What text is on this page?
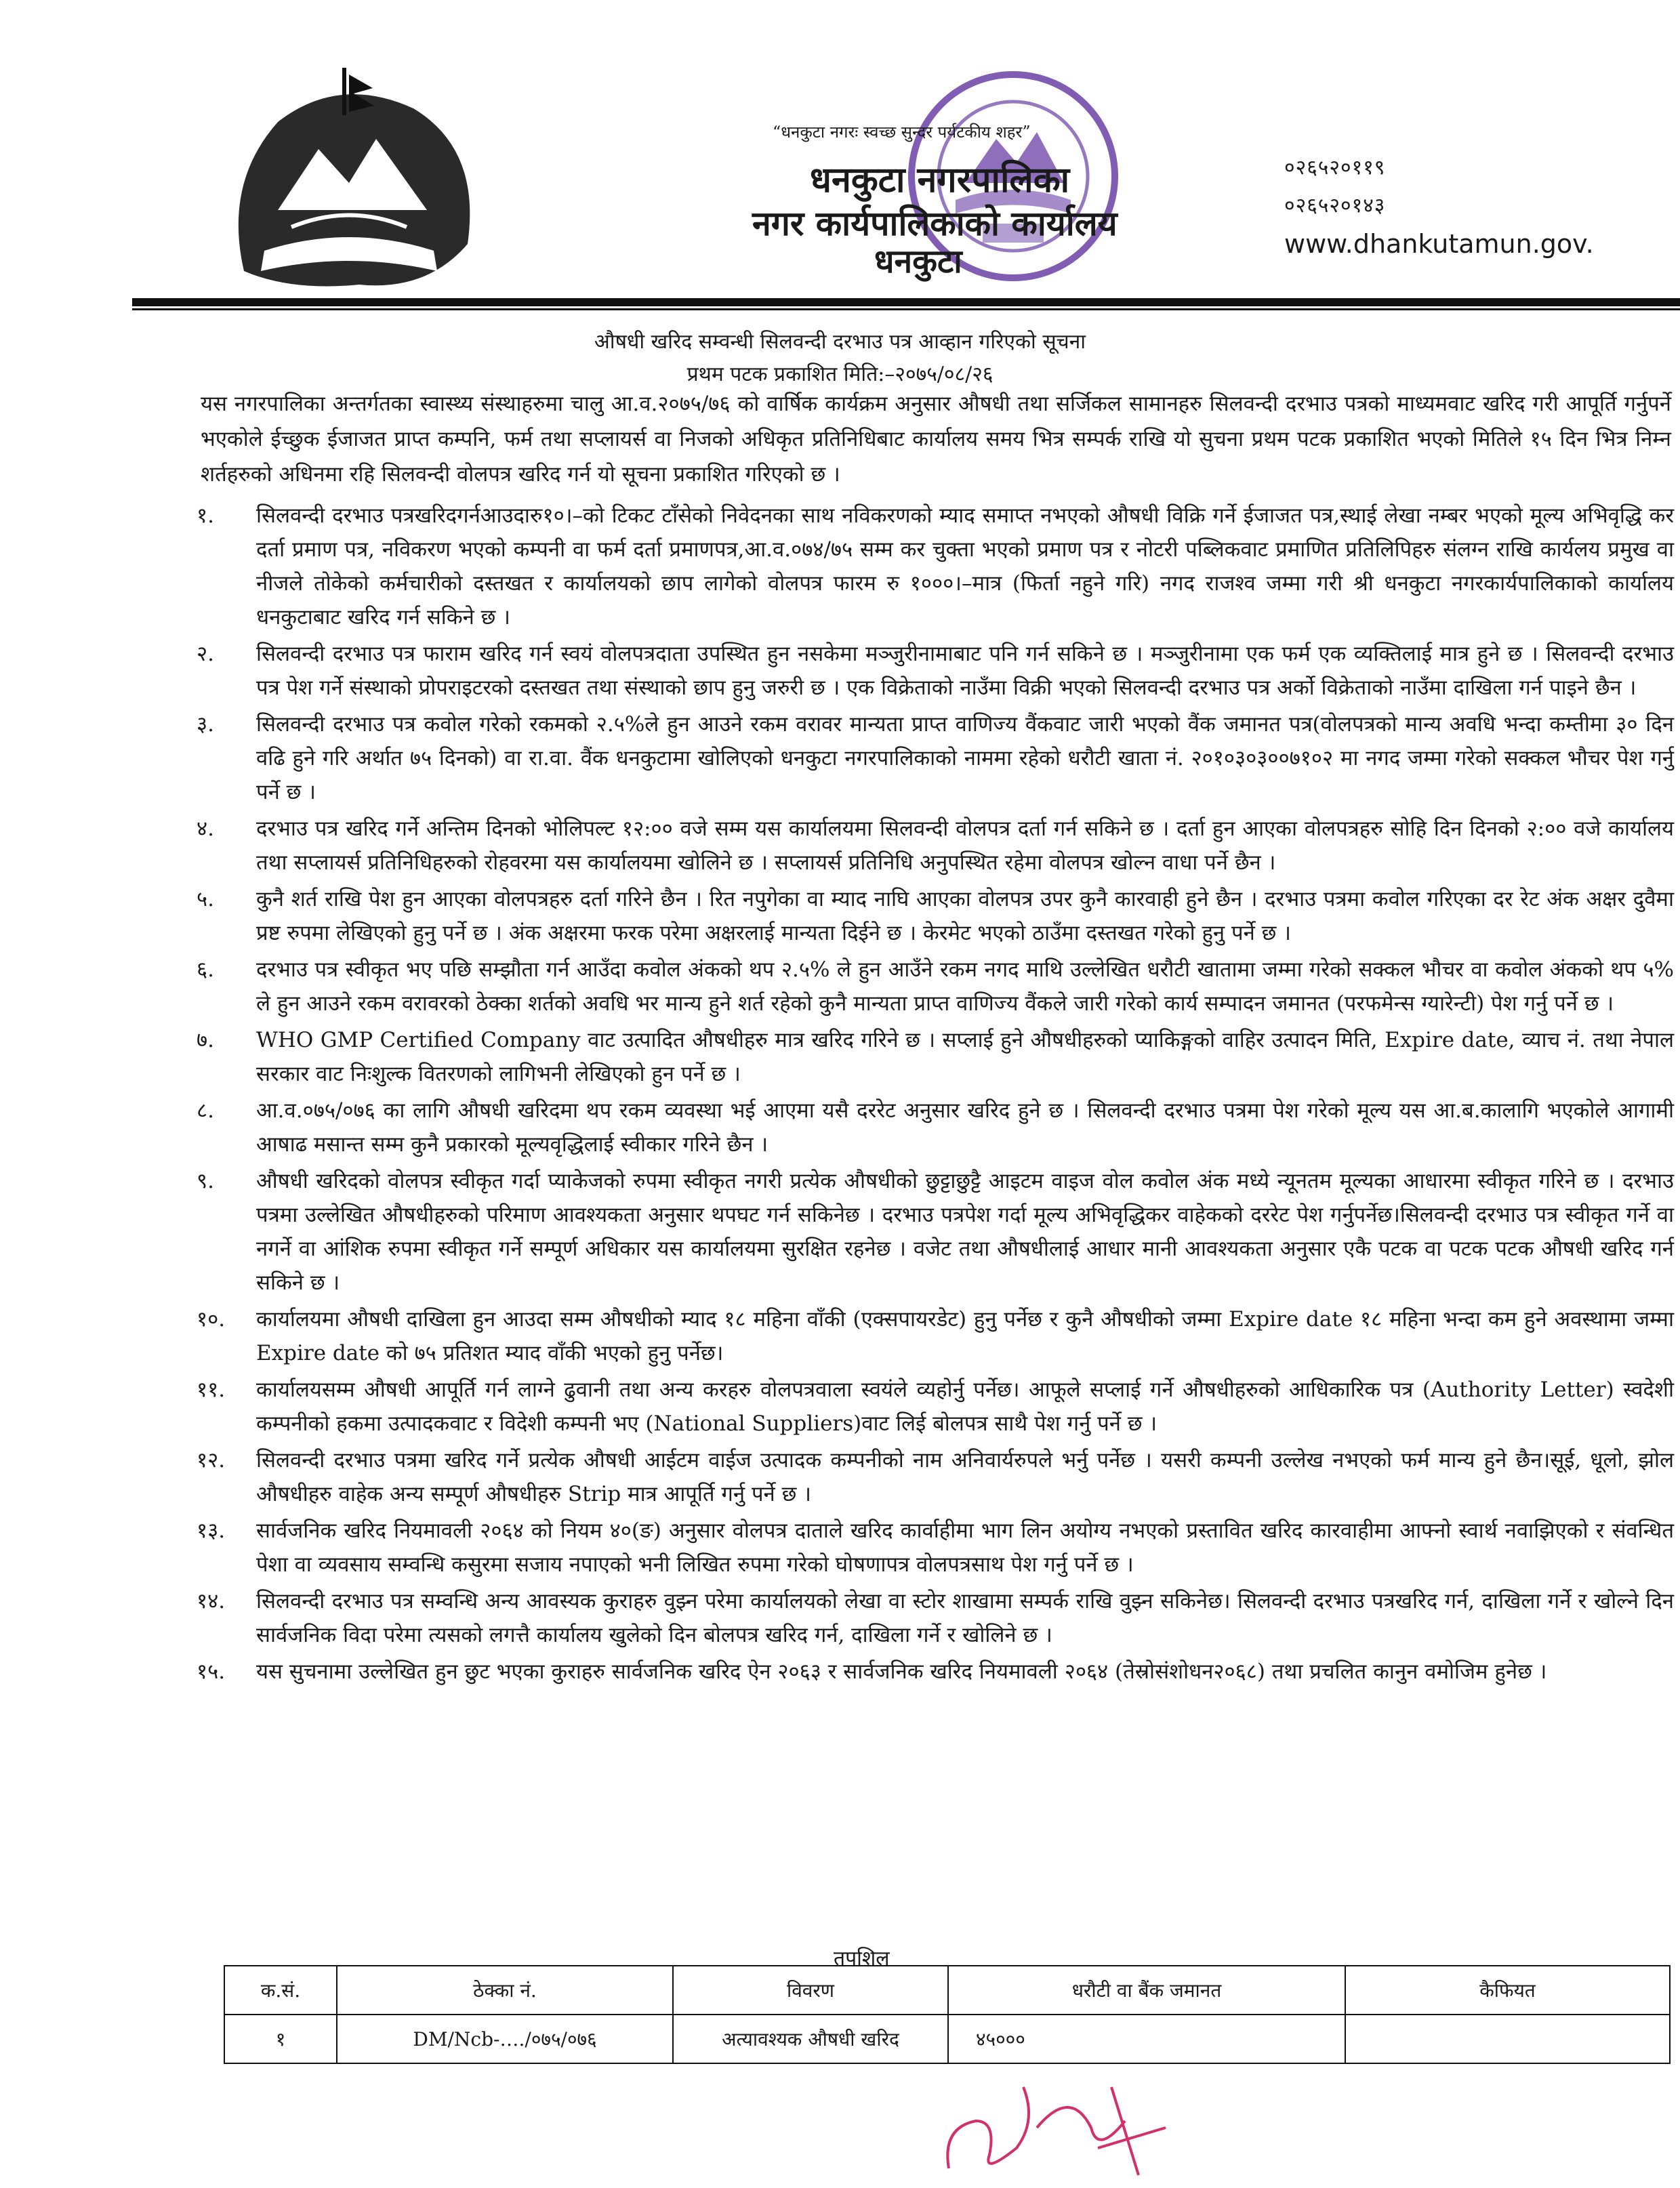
“धनकुटा नगरः स्वच्छ सुन्दर पर्यटकीय शहर”
धनकुटा नगरपालिका
नगर कार्यपालिकाको कार्यालय
धनकुटा
०२६५२०११९
०२६५२०१४३
www.dhankutamun.gov.
औषधी खरिद सम्वन्धी सिलवन्दी दरभाउ पत्र आव्हान गरिएको सूचना
प्रथम पटक प्रकाशित मिति:–२०७५/०८/२६
यस नगरपालिका अन्तर्गतका स्वास्थ्य संस्थाहरुमा चालु आ.व.२०७५/७६ को वार्षिक कार्यक्रम अनुसार औषधी तथा सर्जिकल सामानहरु सिलवन्दी दरभाउ पत्रको माध्यमवाट खरिद गरी आपूर्ति गर्नुपर्ने भएकोले ईच्छुक ईजाजत प्राप्त कम्पनि, फर्म तथा सप्लायर्स वा निजको अधिकृत प्रतिनिधिबाट कार्यालय समय भित्र सम्पर्क राखि यो सुचना प्रथम पटक प्रकाशित भएको मितिले १५ दिन भित्र निम्न शर्तहरुको अधिनमा रहि सिलवन्दी वोलपत्र खरिद गर्न यो सूचना प्रकाशित गरिएको छ ।
१.	सिलवन्दी दरभाउ पत्रखरिदगर्नआउदारु१०।–को टिकट टाँसेको निवेदनका साथ नविकरणको म्याद समाप्त नभएको औषधी विक्रि गर्ने ईजाजत पत्र,स्थाई लेखा नम्बर भएको मूल्य अभिवृद्धि कर दर्ता प्रमाण पत्र, नविकरण भएको कम्पनी वा फर्म दर्ता प्रमाणपत्र,आ.व.०७४/७५ सम्म कर चुक्ता भएको प्रमाण पत्र र नोटरी पब्लिकवाट प्रमाणित प्रतिलिपिहरु संलग्न राखि कार्यलय प्रमुख वा नीजले तोकेको कर्मचारीको दस्तखत र कार्यालयको छाप लागेको वोलपत्र फारम रु १०००।–मात्र (फिर्ता नहुने गरि) नगद राजश्व जम्मा गरी श्री धनकुटा नगरकार्यपालिकाको कार्यालय धनकुटाबाट खरिद गर्न सकिने छ ।
२.	सिलवन्दी दरभाउ पत्र फाराम खरिद गर्न स्वयं वोलपत्रदाता उपस्थित हुन नसकेमा मञ्जुरीनामाबाट पनि गर्न सकिने छ । मञ्जुरीनामा एक फर्म एक व्यक्तिलाई मात्र हुने छ । सिलवन्दी दरभाउ पत्र पेश गर्ने संस्थाको प्रोपराइटरको दस्तखत तथा संस्थाको छाप हुनु जरुरी छ । एक विक्रेताको नाउँमा विक्री भएको सिलवन्दी दरभाउ पत्र अर्को विक्रेताको नाउँमा दाखिला गर्न पाइने छैन ।
३.	सिलवन्दी दरभाउ पत्र कवोल गरेको रकमको २.५%ले हुन आउने रकम वरावर मान्यता प्राप्त वाणिज्य वैंकवाट जारी भएको वैंक जमानत पत्र(वोलपत्रको मान्य अवधि भन्दा कम्तीमा ३० दिन वढि हुने गरि अर्थात ७५ दिनको) वा रा.वा. वैंक धनकुटामा खोलिएको धनकुटा नगरपालिकाको नाममा रहेको धरौटी खाता नं. २०१०३०३००७१०२ मा नगद जम्मा गरेको सक्कल भौचर पेश गर्नु पर्ने छ ।
४.	दरभाउ पत्र खरिद गर्ने अन्तिम दिनको भोलिपल्ट १२:०० वजे सम्म यस कार्यालयमा सिलवन्दी वोलपत्र दर्ता गर्न सकिने छ । दर्ता हुन आएका वोलपत्रहरु सोहि दिन दिनको २:०० वजे कार्यालय तथा सप्लायर्स प्रतिनिधिहरुको रोहवरमा यस कार्यालयमा खोलिने छ । सप्लायर्स प्रतिनिधि अनुपस्थित रहेमा वोलपत्र खोल्न वाधा पर्ने छैन ।
५.	कुनै शर्त राखि पेश हुन आएका वोलपत्रहरु दर्ता गरिने छैन । रित नपुगेका वा म्याद नाघि आएका वोलपत्र उपर कुनै कारवाही हुने छैन । दरभाउ पत्रमा कवोल गरिएका दर रेट अंक अक्षर दुवैमा प्रष्ट रुपमा लेखिएको हुनु पर्ने छ । अंक अक्षरमा फरक परेमा अक्षरलाई मान्यता दिईने छ । केरमेट भएको ठाउँमा दस्तखत गरेको हुनु पर्ने छ ।
६.	दरभाउ पत्र स्वीकृत भए पछि सम्झौता गर्न आउँदा कवोल अंकको थप २.५% ले हुन आउँने रकम नगद माथि उल्लेखित धरौटी खातामा जम्मा गरेको सक्कल भौचर वा कवोल अंकको थप ५% ले हुन आउने रकम वरावरको ठेक्का शर्तको अवधि भर मान्य हुने शर्त रहेको कुनै मान्यता प्राप्त वाणिज्य वैंकले जारी गरेको कार्य सम्पादन जमानत (परफमेन्स ग्यारेन्टी) पेश गर्नु पर्ने छ ।
७.	WHO GMP Certified Company वाट उत्पादित औषधीहरु मात्र खरिद गरिने छ । सप्लाई हुने औषधीहरुको प्याकिङ्गको वाहिर उत्पादन मिति, Expire date, व्याच नं. तथा नेपाल सरकार वाट निःशुल्क वितरणको लागिभनी लेखिएको हुन पर्ने छ ।
८.	आ.व.०७५/०७६ का लागि औषधी खरिदमा थप रकम व्यवस्था भई आएमा यसै दररेट अनुसार खरिद हुने छ । सिलवन्दी दरभाउ पत्रमा पेश गरेको मूल्य यस आ.ब.कालागि भएकोले आगामी आषाढ मसान्त सम्म कुनै प्रकारको मूल्यवृद्धिलाई स्वीकार गरिने छैन ।
९.	औषधी खरिदको वोलपत्र स्वीकृत गर्दा प्याकेजको रुपमा स्वीकृत नगरी प्रत्येक औषधीको छुट्टाछुट्टै आइटम वाइज वोल कवोल अंक मध्ये न्यूनतम मूल्यका आधारमा स्वीकृत गरिने छ । दरभाउ पत्रमा उल्लेखित औषधीहरुको परिमाण आवश्यकता अनुसार थपघट गर्न सकिनेछ । दरभाउ पत्रपेश गर्दा मूल्य अभिवृद्धिकर वाहेकको दररेट पेश गर्नुपर्नेछ।सिलवन्दी दरभाउ पत्र स्वीकृत गर्ने वा नगर्ने वा आंशिक रुपमा स्वीकृत गर्ने सम्पूर्ण अधिकार यस कार्यालयमा सुरक्षित रहनेछ । वजेट तथा औषधीलाई आधार मानी आवश्यकता अनुसार एकै पटक वा पटक पटक औषधी खरिद गर्न सकिने छ ।
१०.	कार्यालयमा औषधी दाखिला हुन आउदा सम्म औषधीको म्याद १८ महिना वाँकी (एक्सपायरडेट) हुनु पर्नेछ र कुनै औषधीको जम्मा Expire date १८ महिना भन्दा कम हुने अवस्थामा जम्मा Expire date को ७५ प्रतिशत म्याद वाँकी भएको हुनु पर्नेछ।
११.	कार्यालयसम्म औषधी आपूर्ति गर्न लाग्ने ढुवानी तथा अन्य करहरु वोलपत्रवाला स्वयंले व्यहोर्नु पर्नेछ। आफूले सप्लाई गर्ने औषधीहरुको आधिकारिक पत्र (Authority Letter) स्वदेशी कम्पनीको हकमा उत्पादकवाट र विदेशी कम्पनी भए (National Suppliers)वाट लिई बोलपत्र साथै पेश गर्नु पर्ने छ ।
१२.	सिलवन्दी दरभाउ पत्रमा खरिद गर्ने प्रत्येक औषधी आईटम वाईज उत्पादक कम्पनीको नाम अनिवार्यरुपले भर्नु पर्नेछ । यसरी कम्पनी उल्लेख नभएको फर्म मान्य हुने छैन।सूई, धूलो, झोल औषधीहरु वाहेक अन्य सम्पूर्ण औषधीहरु Strip मात्र आपूर्ति गर्नु पर्ने छ ।
१३.	सार्वजनिक खरिद नियमावली २०६४ को नियम ४०(ङ) अनुसार वोलपत्र दाताले खरिद कार्वाहीमा भाग लिन अयोग्य नभएको प्रस्तावित खरिद कारवाहीमा आफ्नो स्वार्थ नवाझिएको र संवन्धित पेशा वा व्यवसाय सम्वन्धि कसुरमा सजाय नपाएको भनी लिखित रुपमा गरेको घोषणापत्र वोलपत्रसाथ पेश गर्नु पर्ने छ ।
१४.	सिलवन्दी दरभाउ पत्र सम्वन्धि अन्य आवस्यक कुराहरु वुझ्न परेमा कार्यालयको लेखा वा स्टोर शाखामा सम्पर्क राखि वुझ्न सकिनेछ। सिलवन्दी दरभाउ पत्रखरिद गर्न, दाखिला गर्ने र खोल्ने दिन सार्वजनिक विदा परेमा त्यसको लगत्तै कार्यालय खुलेको दिन बोलपत्र खरिद गर्न, दाखिला गर्ने र खोलिने छ ।
१५.	यस सुचनामा उल्लेखित हुन छुट भएका कुराहरु सार्वजनिक खरिद ऐन २०६३ र सार्वजनिक खरिद नियमावली २०६४ (तेस्रोसंशोधन२०६८) तथा प्रचलित कानुन वमोजिम हुनेछ ।
तपशिल
क.सं.	ठेक्का नं.	विवरण	धरौटी वा बैंक जमानत	कैफियत
१	DM/Ncb-…./०७५/०७६	अत्यावश्यक औषधी खरिद	४५०००	
